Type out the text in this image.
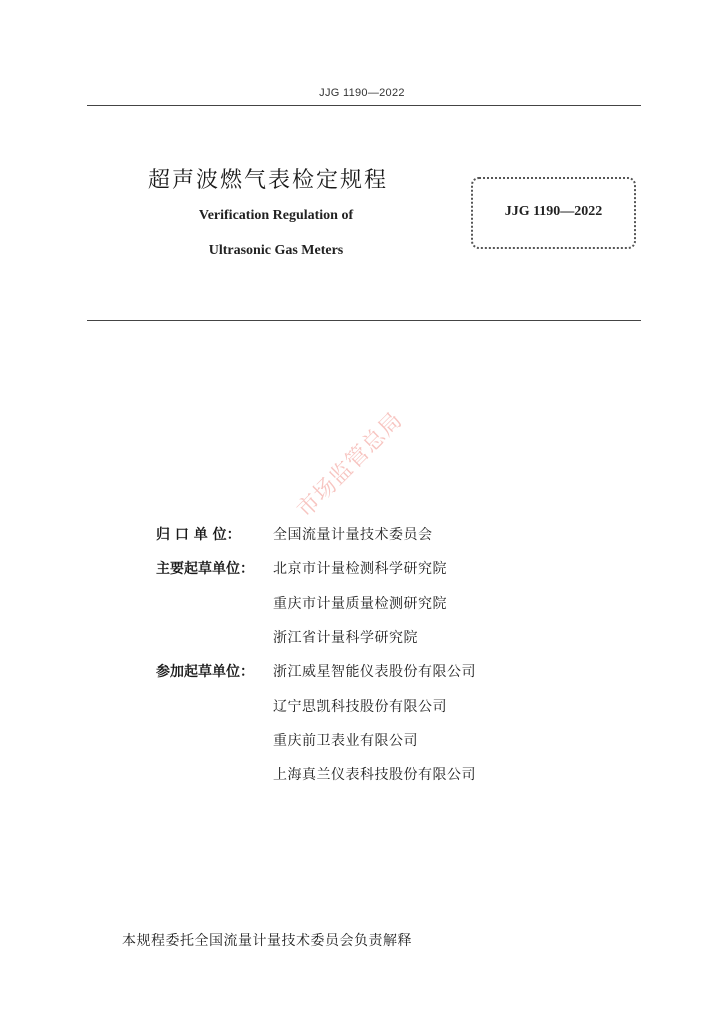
JJG 1190—2022
超声波燃气表检定规程
Verification Regulation of
Ultrasonic Gas Meters
JJG 1190—2022
市场监管总局
归 口 单 位： 全国流量计量技术委员会
主要起草单位： 北京市计量检测科学研究院
重庆市计量质量检测研究院
浙江省计量科学研究院
参加起草单位： 浙江威星智能仪表股份有限公司
辽宁思凯科技股份有限公司
重庆前卫表业有限公司
上海真兰仪表科技股份有限公司
本规程委托全国流量计量技术委员会负责解释
